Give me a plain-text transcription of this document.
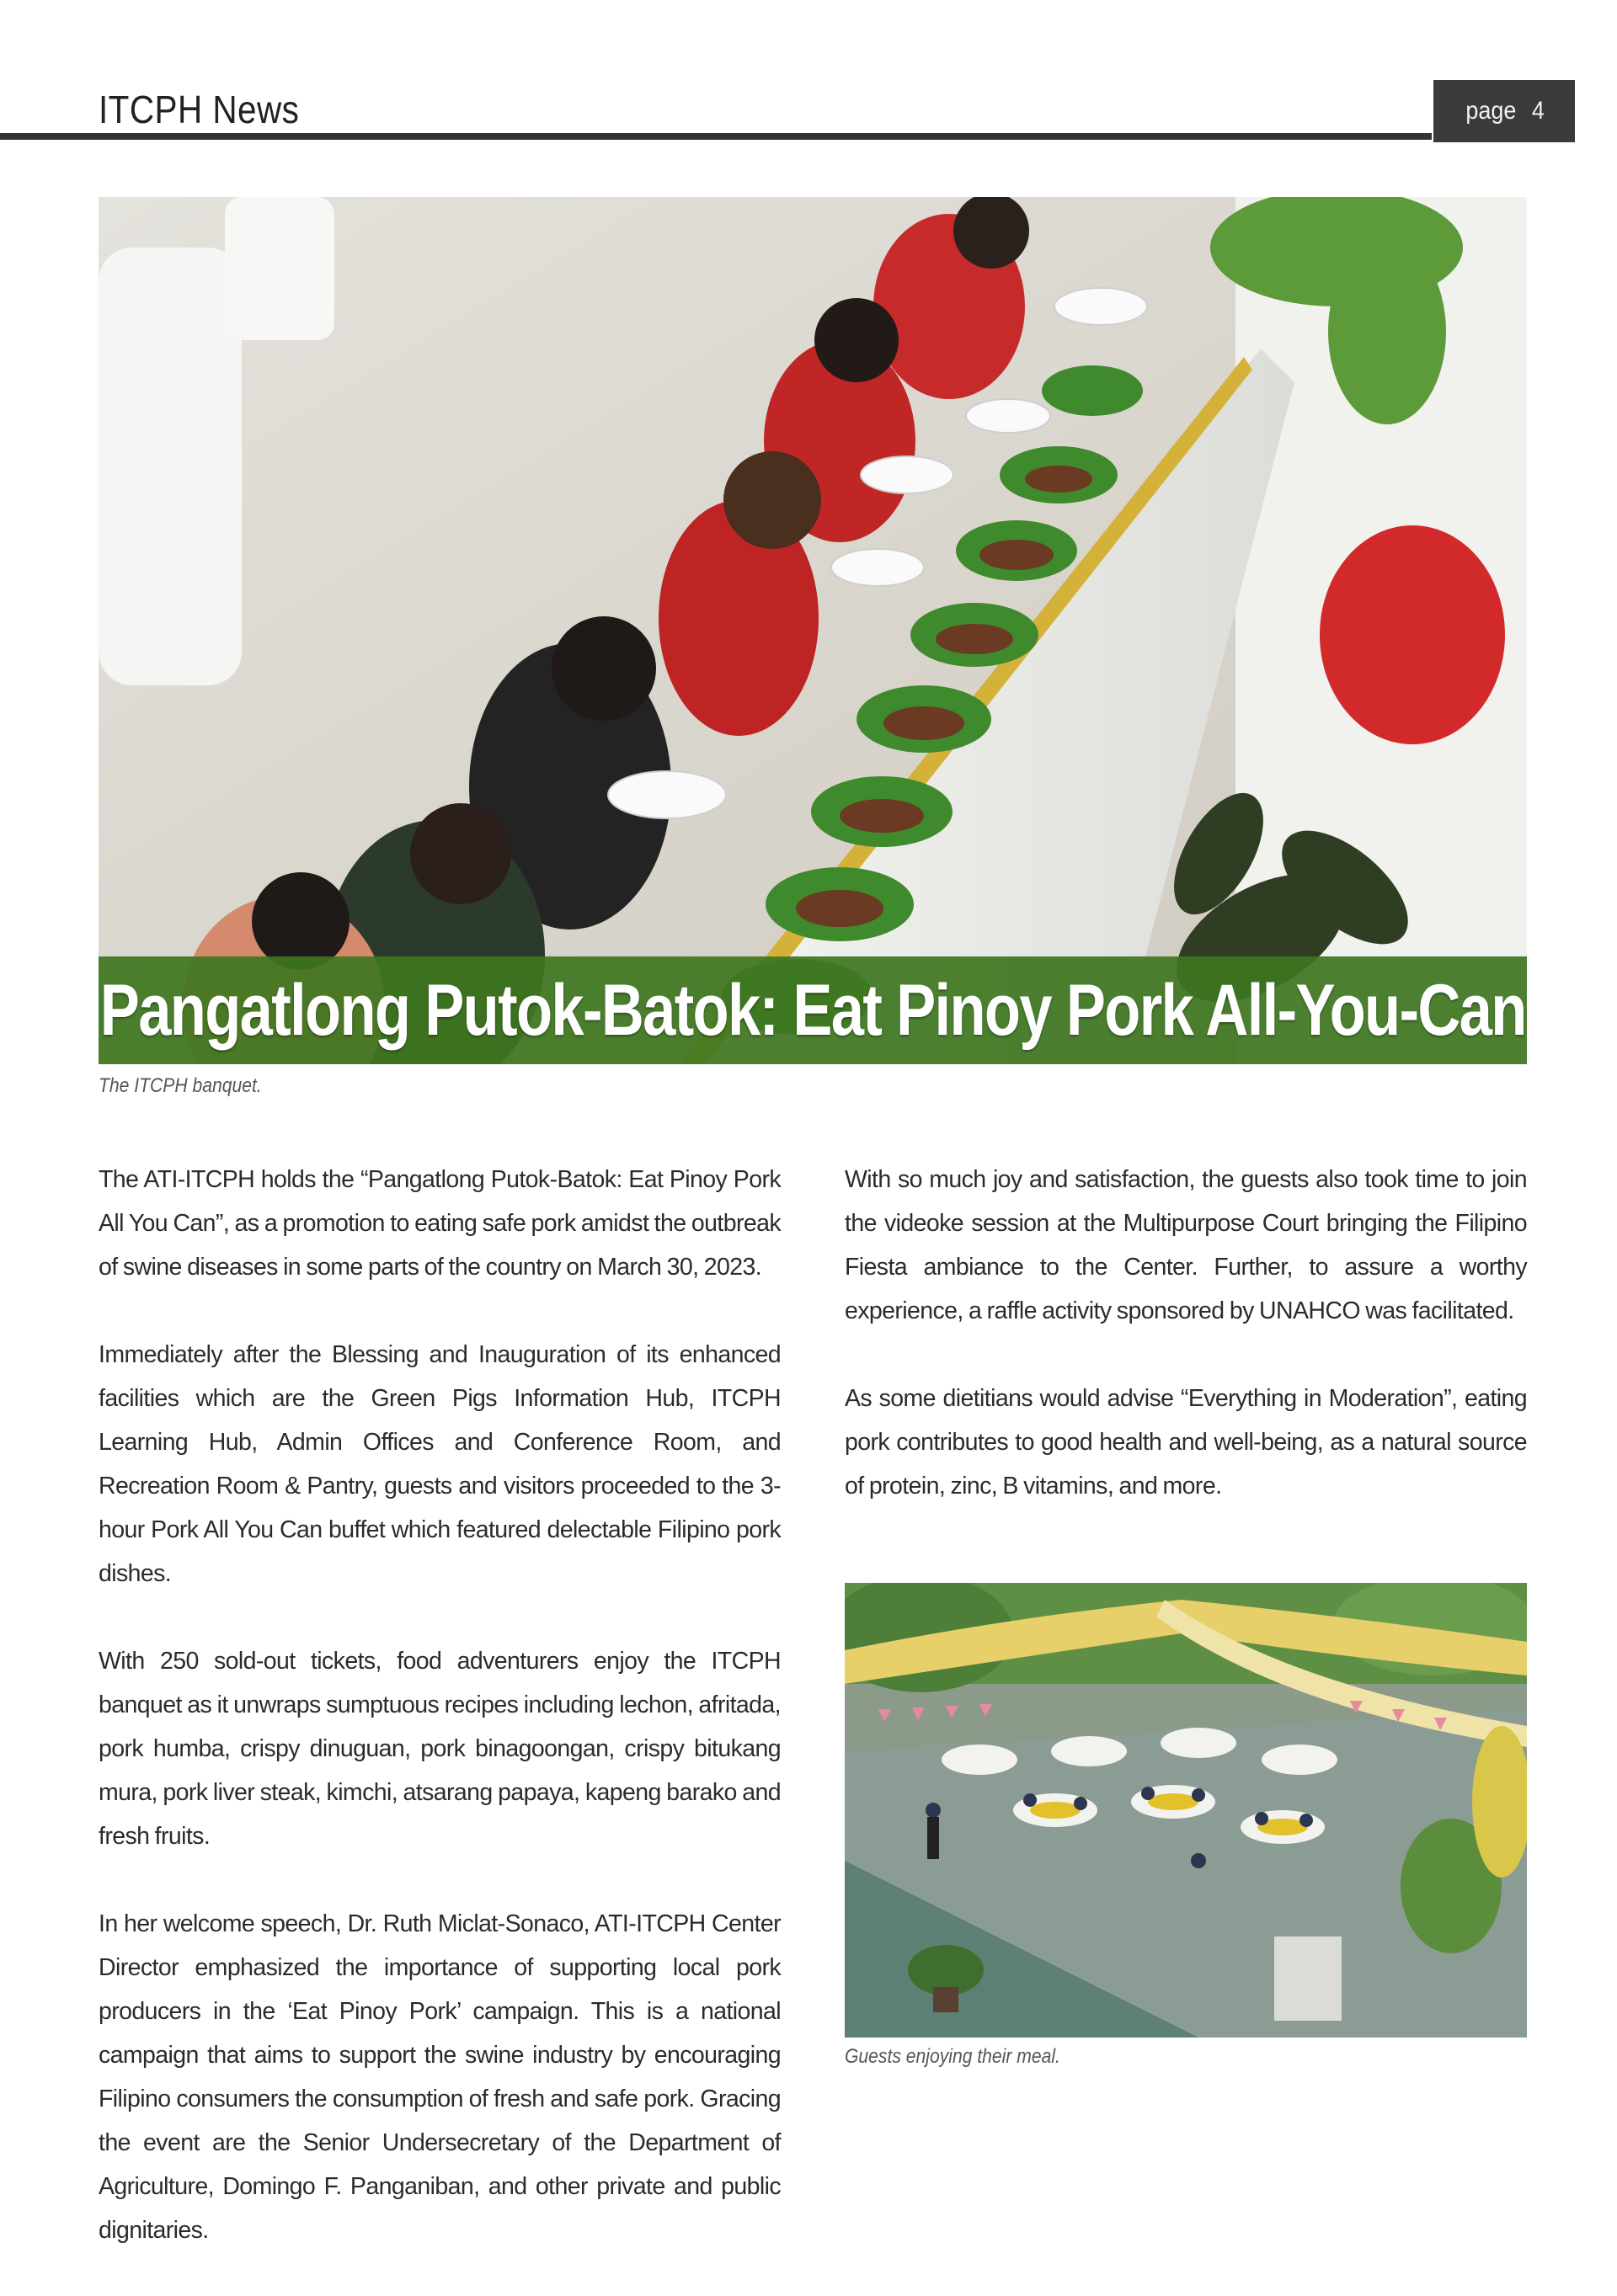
ITCPH News	page 4
Pangatlong Putok-Batok: Eat Pinoy Pork All-You-Can
The ITCPH banquet.

The ATI-ITCPH holds the “Pangatlong Putok-Batok: Eat Pinoy Pork All You Can”, as a promotion to eating safe pork amidst the outbreak of swine diseases in some parts of the country on March 30, 2023.

Immediately after the Blessing and Inauguration of its enhanced facilities which are the Green Pigs Information Hub, ITCPH Learning Hub, Admin Offices and Conference Room, and Recreation Room & Pantry, guests and visitors proceeded to the 3-hour Pork All You Can buffet which featured delectable Filipino pork dishes.

With 250 sold-out tickets, food adventurers enjoy the ITCPH banquet as it unwraps sumptuous recipes including lechon, afritada, pork humba, crispy dinuguan, pork binagoongan, crispy bitukang mura, pork liver steak, kimchi, atsarang papaya, kapeng barako and fresh fruits.

In her welcome speech, Dr. Ruth Miclat-Sonaco, ATI-ITCPH Center Director emphasized the importance of supporting local pork producers in the ‘Eat Pinoy Pork’ campaign. This is a national campaign that aims to support the swine industry by encouraging Filipino consumers the consumption of fresh and safe pork. Gracing the event are the Senior Undersecretary of the Department of Agriculture, Domingo F. Panganiban, and other private and public dignitaries.

With so much joy and satisfaction, the guests also took time to join the videoke session at the Multipurpose Court bringing the Filipino Fiesta ambiance to the Center. Further, to assure a worthy experience, a raffle activity sponsored by UNAHCO was facilitated.

As some dietitians would advise “Everything in Moderation”, eating pork contributes to good health and well-being, as a natural source of protein, zinc, B vitamins, and more.

Guests enjoying their meal.
